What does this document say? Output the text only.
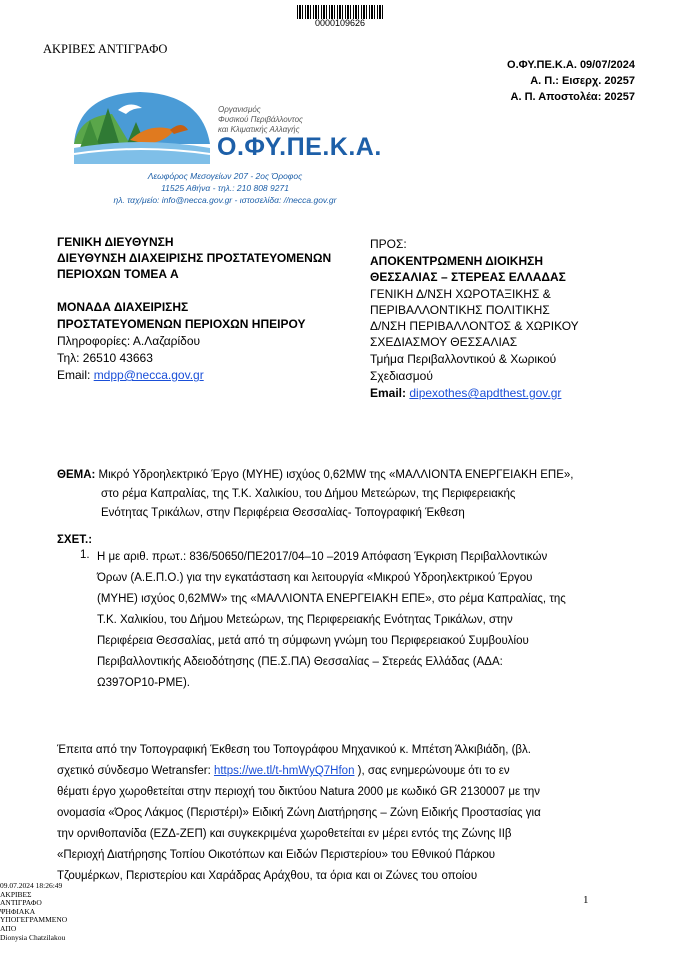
0000109626
ΑΚΡΙΒΕΣ ΑΝΤΙΓΡΑΦΟ
Ο.ΦΥ.ΠΕ.Κ.Α. 09/07/2024
Α. Π.: Εισερχ. 20257
Α. Π. Αποστολέα: 20257
Οργανισμός
Φυσικού Περιβάλλοντος
και Κλιματικής Αλλαγής
Ο.ΦΥ.ΠΕ.Κ.Α.
Λεωφόρος Μεσογείων 207 - 2ος Όροφος
11525 Αθήνα - τηλ.: 210 808 9271
ηλ. ταχ/μείο: info@necca.gov.gr - ιστοσελίδα: //necca.gov.gr
ΓΕΝΙΚΗ ΔΙΕΥΘΥΝΣΗ
ΔΙΕΥΘΥΝΣΗ ΔΙΑΧΕΙΡΙΣΗΣ ΠΡΟΣΤΑΤΕΥΟΜΕΝΩΝ
ΠΕΡΙΟΧΩΝ ΤΟΜΕΑ Α
ΜΟΝΑΔΑ ΔΙΑΧΕΙΡΙΣΗΣ
ΠΡΟΣΤΑΤΕΥΟΜΕΝΩΝ ΠΕΡΙΟΧΩΝ ΗΠΕΙΡΟΥ
Πληροφορίες: Α.Λαζαρίδου
Τηλ: 26510 43663
Email: mdpp@necca.gov.gr
ΠΡΟΣ:
ΑΠΟΚΕΝΤΡΩΜΕΝΗ ΔΙΟΙΚΗΣΗ
ΘΕΣΣΑΛΙΑΣ – ΣΤΕΡΕΑΣ ΕΛΛΑΔΑΣ
ΓΕΝΙΚΗ Δ/ΝΣΗ ΧΩΡΟΤΑΞΙΚΗΣ &
ΠΕΡΙΒΑΛΛΟΝΤΙΚΗΣ ΠΟΛΙΤΙΚΗΣ
Δ/ΝΣΗ ΠΕΡΙΒΑΛΛΟΝΤΟΣ & ΧΩΡΙΚΟΥ
ΣΧΕΔΙΑΣΜΟΥ ΘΕΣΣΑΛΙΑΣ
Τμήμα Περιβαλλοντικού & Χωρικού
Σχεδιασμού
Email: dipexothes@apdthest.gov.gr
ΘΕΜΑ: Μικρό Υδροηλεκτρικό Έργο (ΜΥΗΕ) ισχύος 0,62MW της «ΜΑΛΛΙΟΝΤΑ ΕΝΕΡΓΕΙΑΚΗ ΕΠΕ»,
στο ρέμα Καπραλίας, της Τ.Κ. Χαλικίου, του Δήμου Μετεώρων, της Περιφερειακής
Ενότητας Τρικάλων, στην Περιφέρεια Θεσσαλίας- Τοπογραφική Έκθεση
ΣΧΕΤ.:
1. Η με αριθ. πρωτ.: 836/50650/ΠΕ2017/04–10 –2019 Απόφαση Έγκριση Περιβαλλοντικών
Όρων (Α.Ε.Π.Ο.) για την εγκατάσταση και λειτουργία «Μικρού Υδροηλεκτρικού Έργου
(ΜΥΗΕ) ισχύος 0,62MW» της «ΜΑΛΛΙΟΝΤΑ ΕΝΕΡΓΕΙΑΚΗ ΕΠΕ», στο ρέμα Καπραλίας, της
Τ.Κ. Χαλικίου, του Δήμου Μετεώρων, της Περιφερειακής Ενότητας Τρικάλων, στην
Περιφέρεια Θεσσαλίας, μετά από τη σύμφωνη γνώμη του Περιφερειακού Συμβουλίου
Περιβαλλοντικής Αδειοδότησης (ΠΕ.Σ.ΠΑ) Θεσσαλίας – Στερεάς Ελλάδας (ΑΔΑ:
Ω397ΟΡ10-ΡΜΕ).
Έπειτα από την Τοπογραφική Έκθεση του Τοπογράφου Μηχανικού κ. Μπέτση Άλκιβιάδη, (βλ.
σχετικό σύνδεσμο Wetransfer: https://we.tl/t-hmWyQ7Hfon ), σας ενημερώνουμε ότι το εν
θέματι έργο χωροθετείται στην περιοχή του δικτύου Natura 2000 με κωδικό GR 2130007 με την
ονομασία «Όρος Λάκμος (Περιστέρι)» Ειδική Ζώνη Διατήρησης – Ζώνη Ειδικής Προστασίας για
την ορνιθοπανίδα (ΕΖΔ-ΖΕΠ) και συγκεκριμένα χωροθετείται εν μέρει εντός της Ζώνης ΙΙβ
«Περιοχή Διατήρησης Τοπίου Οικοτόπων και Ειδών Περιστερίου» του Εθνικού Πάρκου
Τζουμέρκων, Περιστερίου και Χαράδρας Αράχθου, τα όρια και οι Ζώνες του οποίου
09.07.2024 18:26:49
ΑΚΡΙΒΕΣ
ΑΝΤΙΓΡΑΦΟ
ΨΗΦΙΑΚΑ
ΥΠΟΓΕΓΡΑΜΜΕΝΟ
ΑΠΟ
Dionysia Chatzilakou
1
